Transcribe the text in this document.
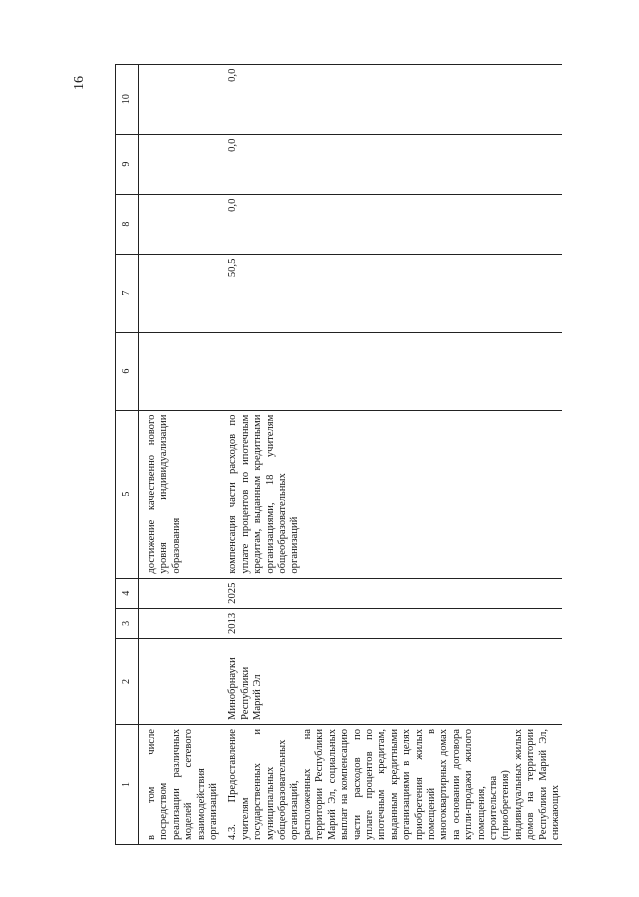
16
1	2	3	4	5	6	7	8	9	10
в том числе посредством реализации различных моделей сетевого взаимодействия организаций				достижение качественно нового уровня индивидуализации образования					
4.3. Предоставление учителям государственных и муниципальных общеобразовательных организаций, расположенных на территории Республики Марий Эл, социальных выплат на компенсацию части расходов по уплате процентов по ипотечным кредитам, выданным кредитными организациями в целях приобретения жилых помещений в многоквартирных домах на основании договора купли-продажи жилого помещения, строительства (приобретения) индивидуальных жилых домов на территории Республики Марий Эл, снижающих	Минобрнауки Республики Марий Эл	2013	2025	компенсация части расходов по уплате процентов по ипотечным кредитам, выданным кредитными организациями, 18 учителям общеобразовательных организаций		50,5	0,0	0,0	0,0
